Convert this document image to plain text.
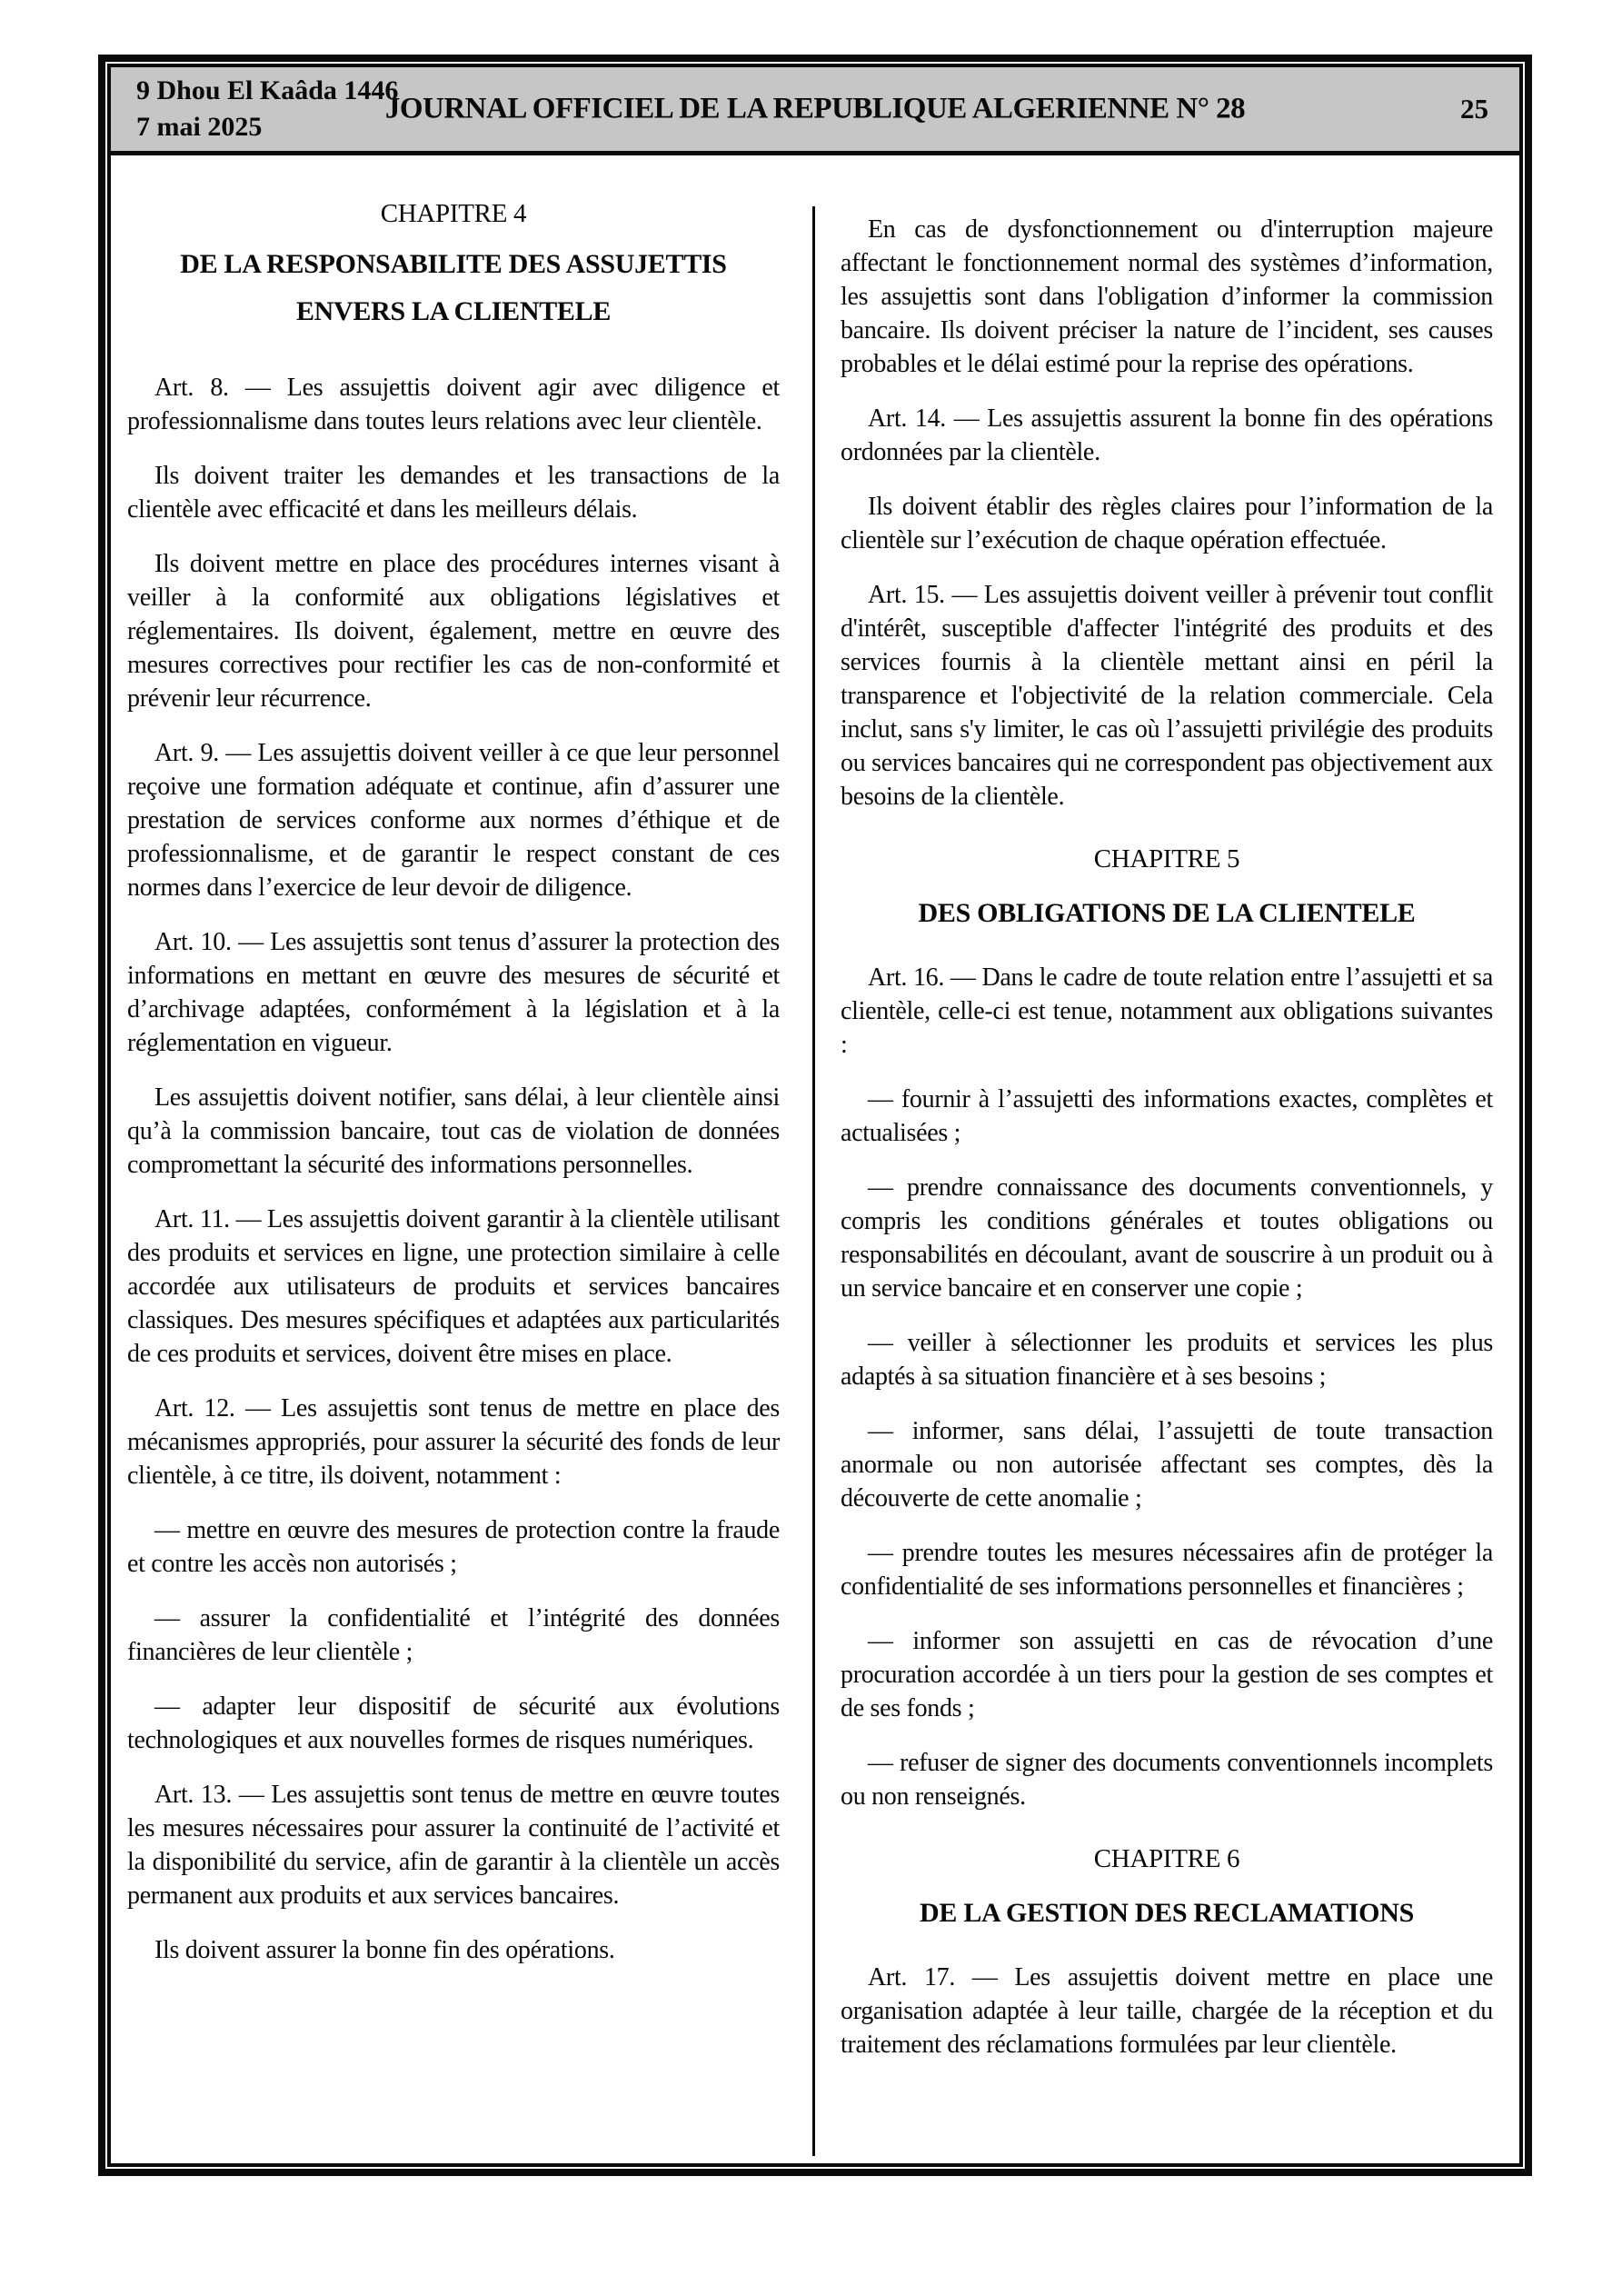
9 Dhou El Kaâda 1446
7 mai 2025
JOURNAL OFFICIEL DE LA REPUBLIQUE ALGERIENNE N° 28	25
CHAPITRE 4
DE LA RESPONSABILITE DES ASSUJETTIS ENVERS LA CLIENTELE

Art. 8. — Les assujettis doivent agir avec diligence et professionnalisme dans toutes leurs relations avec leur clientèle.

Ils doivent traiter les demandes et les transactions de la clientèle avec efficacité et dans les meilleurs délais.

Ils doivent mettre en place des procédures internes visant à veiller à la conformité aux obligations législatives et réglementaires. Ils doivent, également, mettre en œuvre des mesures correctives pour rectifier les cas de non-conformité et prévenir leur récurrence.

Art. 9. — Les assujettis doivent veiller à ce que leur personnel reçoive une formation adéquate et continue, afin d’assurer une prestation de services conforme aux normes d’éthique et de professionnalisme, et de garantir le respect constant de ces normes dans l’exercice de leur devoir de diligence.

Art. 10. — Les assujettis sont tenus d’assurer la protection des informations en mettant en œuvre des mesures de sécurité et d’archivage adaptées, conformément à la législation et à la réglementation en vigueur.

Les assujettis doivent notifier, sans délai, à leur clientèle ainsi qu’à la commission bancaire, tout cas de violation de données compromettant la sécurité des informations personnelles.

Art. 11. — Les assujettis doivent garantir à la clientèle utilisant des produits et services en ligne, une protection similaire à celle accordée aux utilisateurs de produits et services bancaires classiques. Des mesures spécifiques et adaptées aux particularités de ces produits et services, doivent être mises en place.

Art. 12. — Les assujettis sont tenus de mettre en place des mécanismes appropriés, pour assurer la sécurité des fonds de leur clientèle, à ce titre, ils doivent, notamment :

— mettre en œuvre des mesures de protection contre la fraude et contre les accès non autorisés ;

— assurer la confidentialité et l’intégrité des données financières de leur clientèle ;

— adapter leur dispositif de sécurité aux évolutions technologiques et aux nouvelles formes de risques numériques.

Art. 13. — Les assujettis sont tenus de mettre en œuvre toutes les mesures nécessaires pour assurer la continuité de l’activité et la disponibilité du service, afin de garantir à la clientèle un accès permanent aux produits et aux services bancaires.

Ils doivent assurer la bonne fin des opérations.

En cas de dysfonctionnement ou d'interruption majeure affectant le fonctionnement normal des systèmes d’information, les assujettis sont dans l'obligation d’informer la commission bancaire. Ils doivent préciser la nature de l’incident, ses causes probables et le délai estimé pour la reprise des opérations.

Art. 14. — Les assujettis assurent la bonne fin des opérations ordonnées par la clientèle.

Ils doivent établir des règles claires pour l’information de la clientèle sur l’exécution de chaque opération effectuée.

Art. 15. — Les assujettis doivent veiller à prévenir tout conflit d'intérêt, susceptible d'affecter l'intégrité des produits et des services fournis à la clientèle mettant ainsi en péril la transparence et l'objectivité de la relation commerciale. Cela inclut, sans s'y limiter, le cas où l’assujetti privilégie des produits ou services bancaires qui ne correspondent pas objectivement aux besoins de la clientèle.

CHAPITRE 5
DES OBLIGATIONS DE LA CLIENTELE

Art. 16. — Dans le cadre de toute relation entre l’assujetti et sa clientèle, celle-ci est tenue, notamment aux obligations suivantes :

— fournir à l’assujetti des informations exactes, complètes et actualisées ;

— prendre connaissance des documents conventionnels, y compris les conditions générales et toutes obligations ou responsabilités en découlant, avant de souscrire à un produit ou à un service bancaire et en conserver une copie ;

— veiller à sélectionner les produits et services les plus adaptés à sa situation financière et à ses besoins ;

— informer, sans délai, l’assujetti de toute transaction anormale ou non autorisée affectant ses comptes, dès la découverte de cette anomalie ;

— prendre toutes les mesures nécessaires afin de protéger la confidentialité de ses informations personnelles et financières ;

— informer son assujetti en cas de révocation d’une procuration accordée à un tiers pour la gestion de ses comptes et de ses fonds ;

— refuser de signer des documents conventionnels incomplets ou non renseignés.

CHAPITRE 6
DE LA GESTION DES RECLAMATIONS

Art. 17. — Les assujettis doivent mettre en place une organisation adaptée à leur taille, chargée de la réception et du traitement des réclamations formulées par leur clientèle.
